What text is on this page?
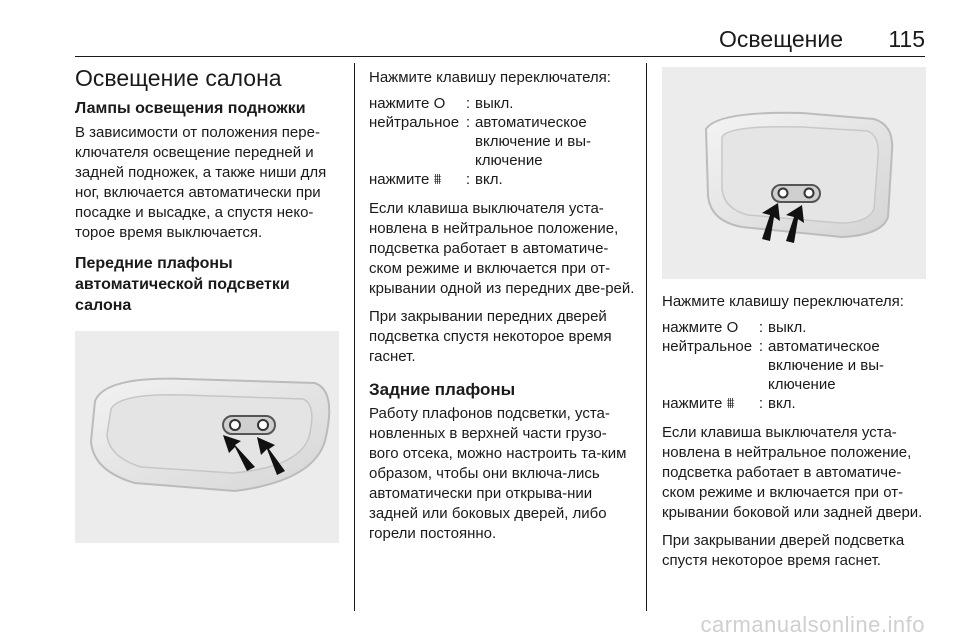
Освещение 115
Освещение салона
Лампы освещения подножки

В зависимости от положения пере-ключателя освещение передней и задней подножек, а также ниши для ног, включается автоматически при посадке и высадке, а спустя неко-торое время выключается.

Передние плафоны автоматической подсветки салона

Нажмите клавишу переключателя:

нажмите O	: выкл.
нейтральное : автоматическое включение и вы-ключение
нажмите ⩩	: вкл.

Если клавиша выключателя уста-новлена в нейтральное положение, подсветка работает в автоматиче-ском режиме и включается при от-крывании одной из передних две-рей.

При закрывании передних дверей подсветка спустя некоторое время гаснет.

Задние плафоны

Работу плафонов подсветки, уста-новленных в верхней части грузо-вого отсека, можно настроить та-ким образом, чтобы они включа-лись автоматически при открыва-нии задней или боковых дверей, либо горели постоянно.

Нажмите клавишу переключателя:

нажмите O	: выкл.
нейтральное : автоматическое включение и вы-ключение
нажмите ⩩	: вкл.

Если клавиша выключателя уста-новлена в нейтральное положение, подсветка работает в автоматиче-ском режиме и включается при от-крывании боковой или задней двери.

При закрывании дверей подсветка спустя некоторое время гаснет.

carmanualsonline.info
